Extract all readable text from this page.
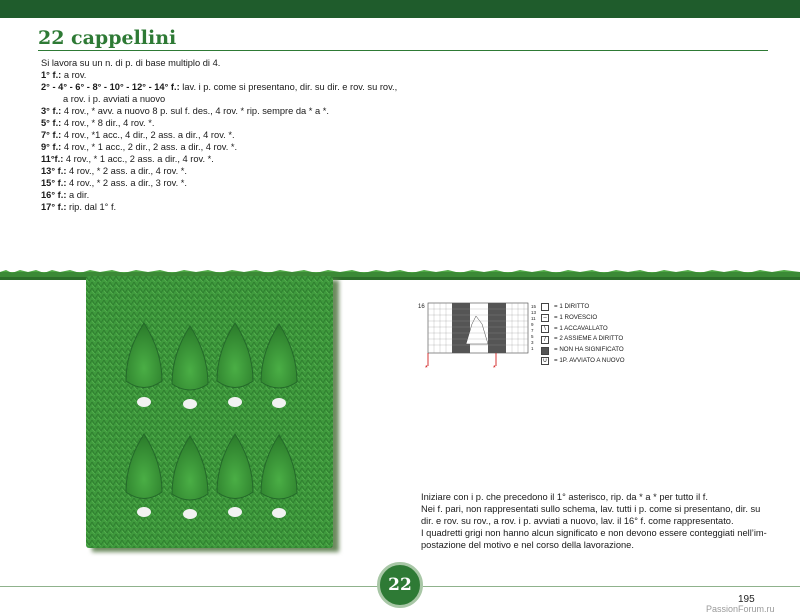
22 cappellini
Si lavora su un n. di p. di base multiplo di 4.
1° f.: a rov.
2° - 4° - 6° - 8° - 10° - 12° - 14° f.: lav. i p. come si presentano, dir. su dir. e rov. su rov.,
a rov. i p. avviati a nuovo
3° f.: 4 rov., * avv. a nuovo 8 p. sul f. des., 4 rov. * rip. sempre da * a *.
5° f.: 4 rov., * 8 dir., 4 rov. *.
7° f.: 4 rov., *1 acc., 4 dir., 2 ass. a dir., 4 rov. *.
9° f.: 4 rov., * 1 acc., 2 dir., 2 ass. a dir., 4 rov. *.
11°f.: 4 rov., * 1 acc., 2 ass. a dir., 4 rov. *.
13° f.: 4 rov., * 2 ass. a dir., 4 rov. *.
15° f.: 4 rov., * 2 ass. a dir., 3 rov. *.
16° f.: a dir.
17° f.: rip. dal 1° f.
16
*	*
15
13
11
9
7
5
3
1
= 1 DIRITTO
–	= 1 ROVESCIO
\	= 1 ACCAVALLATO
/	= 2 ASSIEME A DIRITTO
= NON HA SIGNIFICATO
∪ = 1P. AVVIATO A NUOVO
Iniziare con i p. che precedono il 1° asterisco, rip. da * a * per tutto il f.
Nei f. pari, non rappresentati sullo schema, lav. tutti i p. come si presentano, dir. su
dir. e rov. su rov., a rov. i p. avviati a nuovo, lav. il 16° f. come rappresentato.
I quadretti grigi non hanno alcun significato e non devono essere conteggiati nell’im-
postazione del motivo e nel corso della lavorazione.
22
195
PassionForum.ru
